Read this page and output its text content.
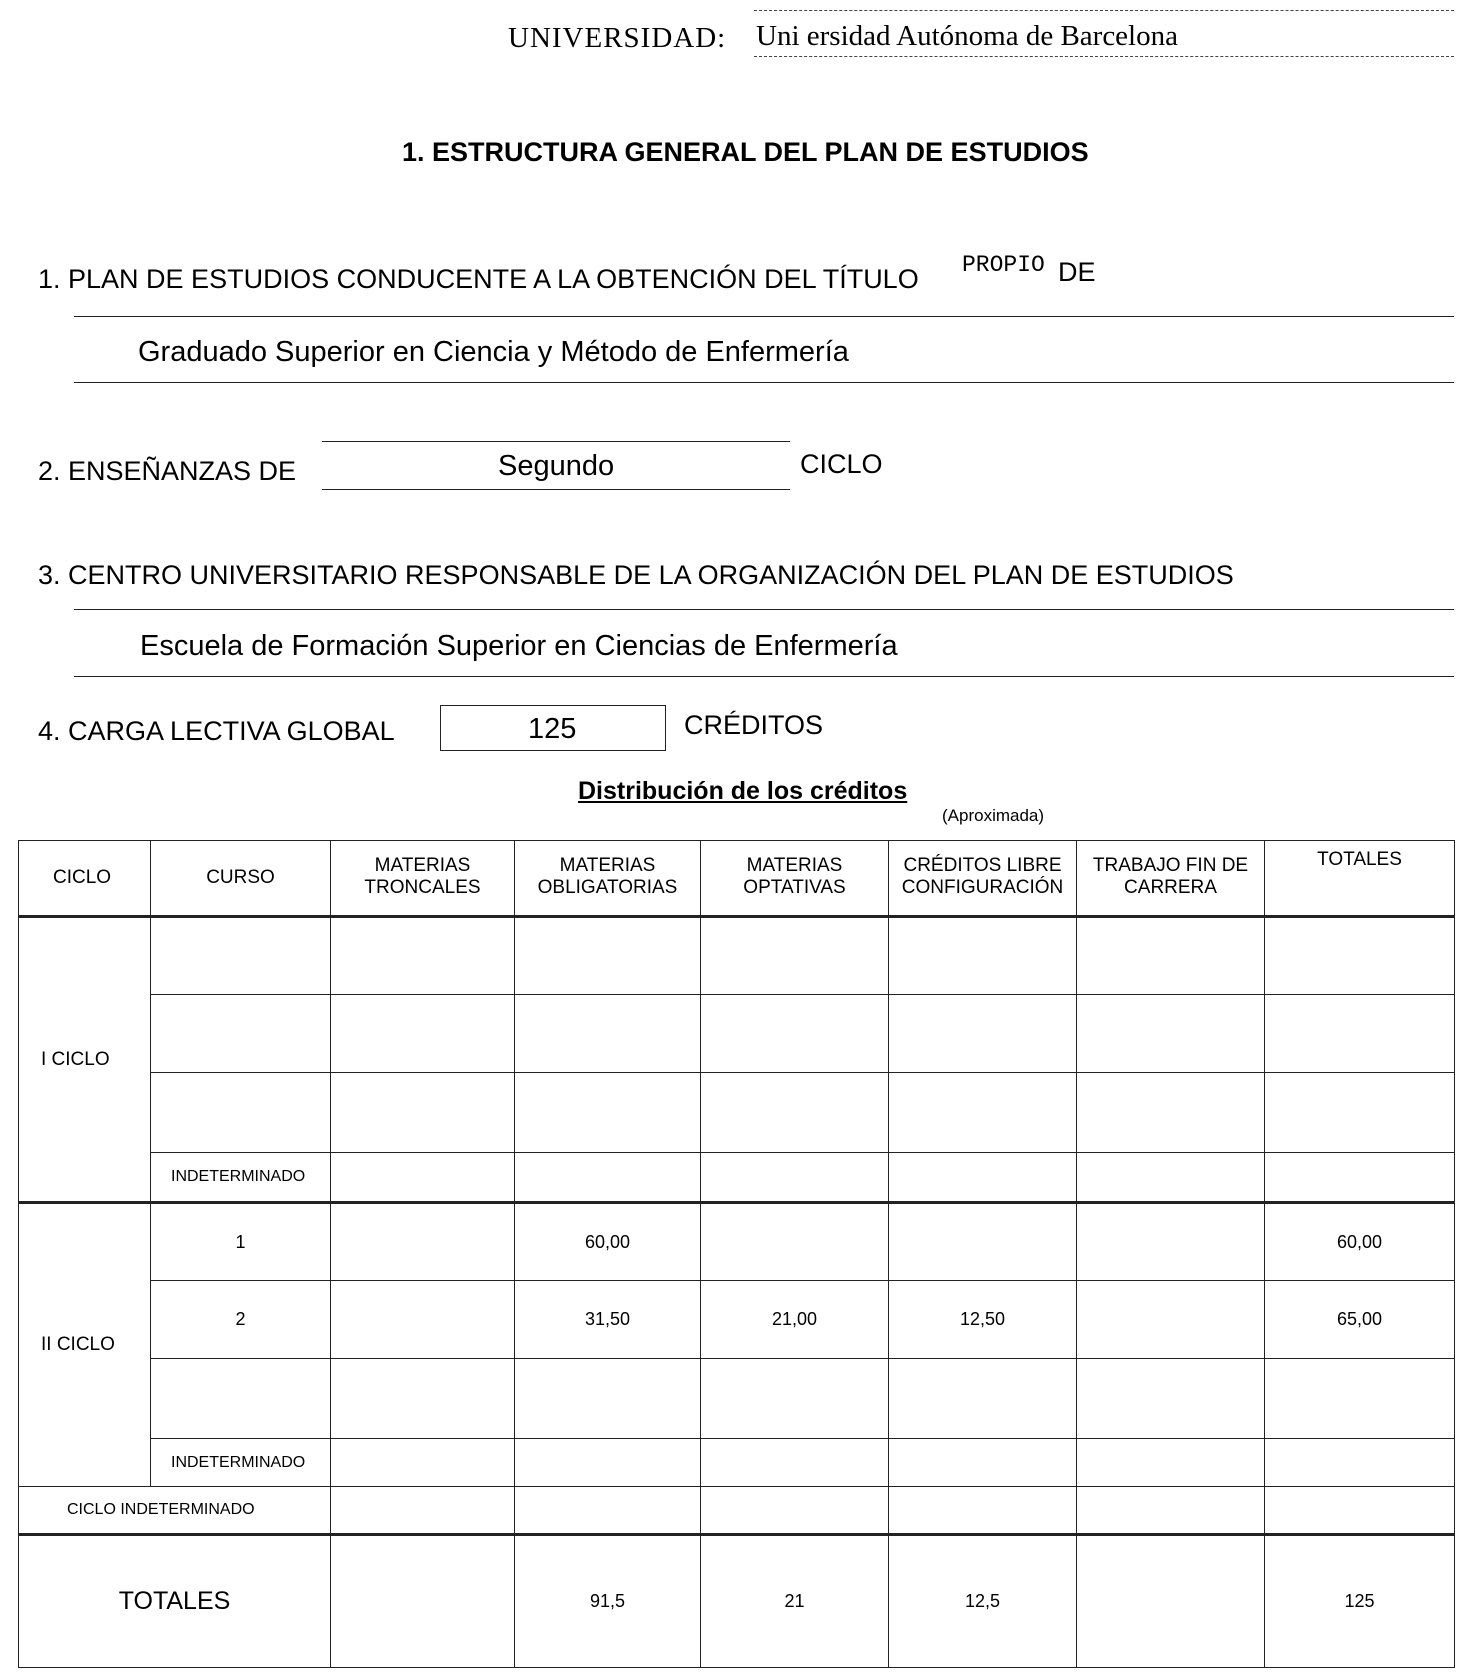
UNIVERSIDAD: Uni ersidad Autónoma de Barcelona
1. ESTRUCTURA GENERAL DEL PLAN DE ESTUDIOS
1. PLAN DE ESTUDIOS CONDUCENTE A LA OBTENCIÓN DEL TÍTULO PROPIO DE
Graduado Superior en Ciencia y Método de Enfermería
2. ENSEÑANZAS DE	Segundo	CICLO
3. CENTRO UNIVERSITARIO RESPONSABLE DE LA ORGANIZACIÓN DEL PLAN DE ESTUDIOS
Escuela de Formación Superior en Ciencias de Enfermería
4. CARGA LECTIVA GLOBAL	125	CRÉDITOS
Distribución de los créditos
(Aproximada)
CICLO	CURSO	MATERIAS TRONCALES	MATERIAS OBLIGATORIAS	MATERIAS OPTATIVAS	CRÉDITOS LIBRE CONFIGURACIÓN	TRABAJO FIN DE CARRERA	TOTALES
I CICLO							

	INDETERMINADO						
II CICLO	1		60,00				60,00
	2		31,50	21,00	12,50		65,00

	INDETERMINADO						
CICLO INDETERMINADO							
TOTALES			91,5	21	12,5		125
